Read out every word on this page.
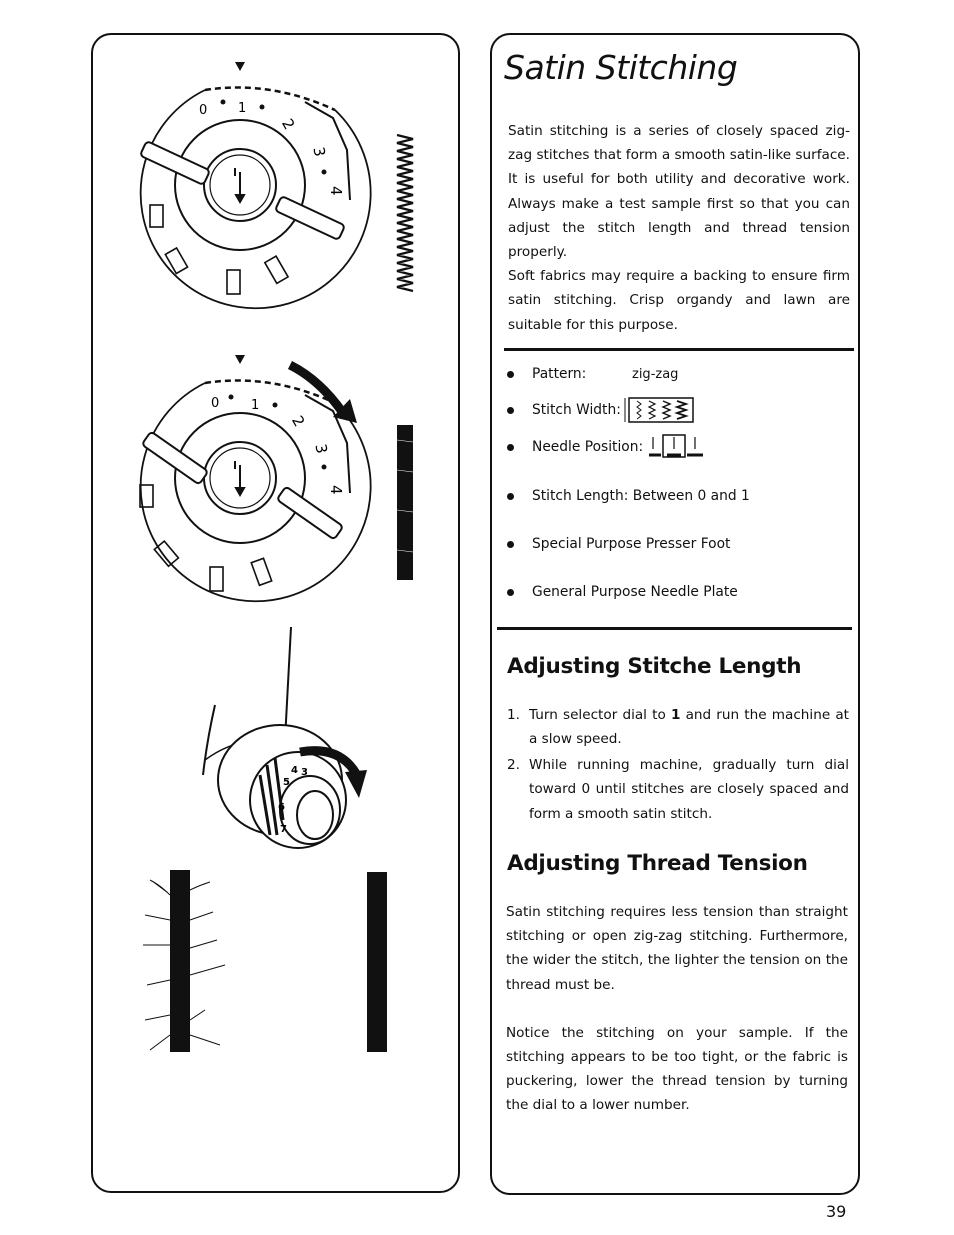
0 1
2
3
4
0 1
2
3
4
3
4
5
6
7
Satin Stitching

Satin stitching is a series of closely spaced zig-zag stitches that form a smooth satin-like surface. It is useful for both utility and decorative work. Always make a test sample first so that you can adjust the stitch length and thread tension properly.

Soft fabrics may require a backing to ensure firm satin stitching. Crisp organdy and lawn are suitable for this purpose.

Pattern:	zig-zag
Stitch Width:
Needle Position:
Stitch Length: Between 0 and 1
Special Purpose Presser Foot
General Purpose Needle Plate
Adjusting Stitche Length
1. Turn selector dial to 1 and run the machine at a slow speed.
2. While running machine, gradually turn dial toward 0 until stitches are closely spaced and form a smooth satin stitch.
Adjusting Thread Tension

Satin stitching requires less tension than straight stitching or open zig-zag stitching. Furthermore, the wider the stitch, the lighter the tension on the thread must be.

Notice the stitching on your sample. If the stitching appears to be too tight, or the fabric is puckering, lower the thread tension by turning the dial to a lower number.

39
